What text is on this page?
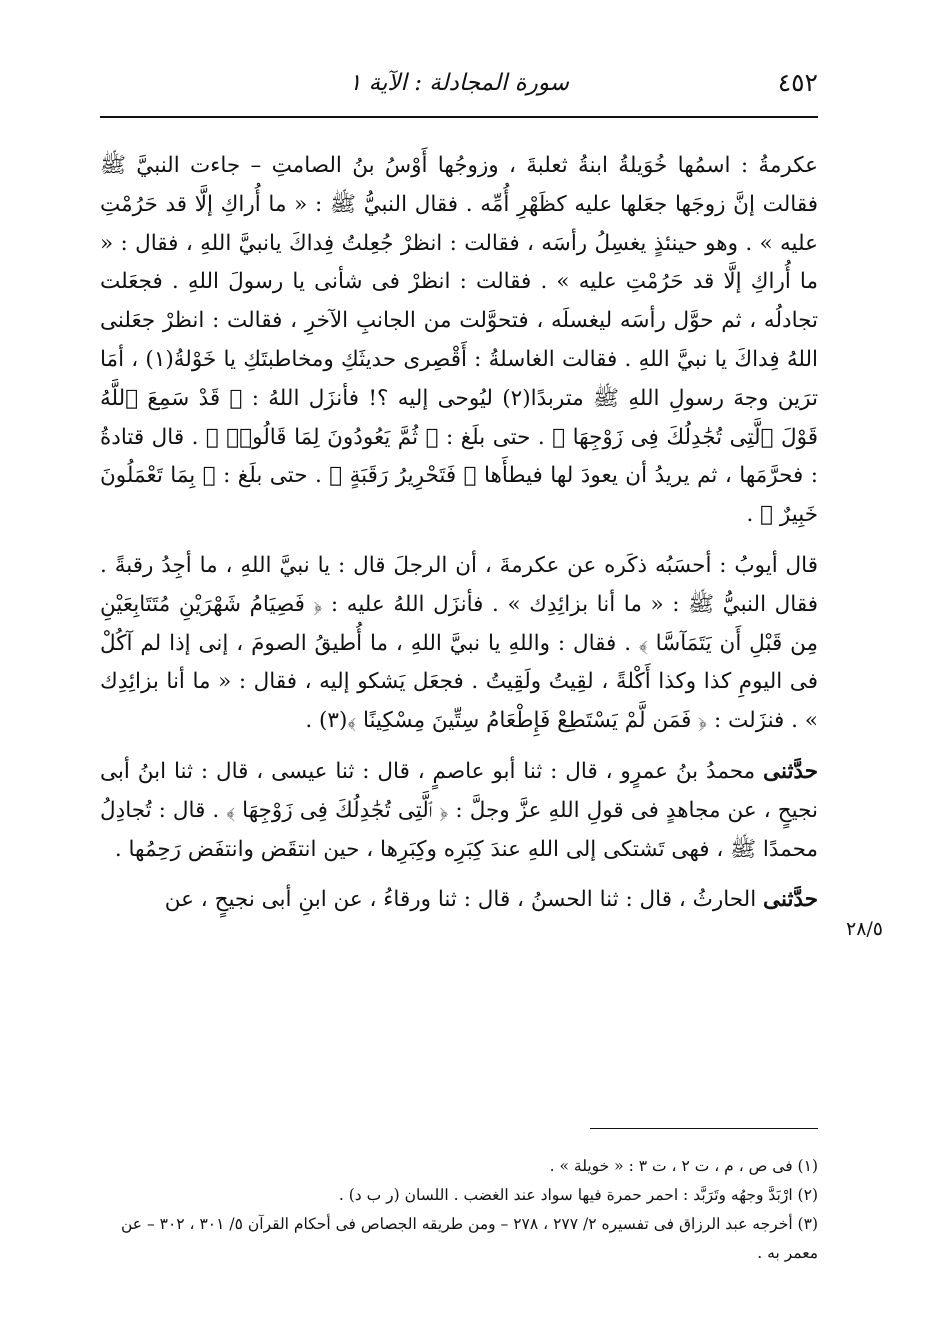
٤٥٢
سورة المجادلة : الآية ١

عكرمةُ : اسمُها خُوَيلةُ ابنةُ ثعلبةَ ، وزوجُها أَوْسُ بنُ الصامتِ – جاءت النبيَّ ﷺ فقالت إنَّ زوجَها جعَلها عليه كظَهْرِ أُمِّه . فقال النبيُّ ﷺ : « ما أُراكِ إلَّا قد حَرُمْتِ عليه » . وهو حينئذٍ يغسِلُ رأسَه ، فقالت : انظرْ جُعِلتُ فِداكَ يانبيَّ اللهِ ، فقال : « ما أُراكِ إلَّا قد حَرُمْتِ عليه » . فقالت : انظرْ فى شأنى يا رسولَ اللهِ . فجعَلت تجادلُه ، ثم حوَّل رأسَه ليغسلَه ، فتحوَّلت من الجانبِ الآخرِ ، فقالت : انظرْ جعَلنى اللهُ فِداكَ يا نبيَّ اللهِ . فقالت الغاسلةُ : أَقْصِرى حديثَكِ ومخاطبتَكِ يا خَوْلةُ(١) ، أمَا ترَين وجهَ رسولِ اللهِ ﷺ متربدًا(٢) ليُوحى إليه ؟! فأنزَل اللهُ : ﴿ قَدْ سَمِعَ ٱللَّهُ قَوْلَ ٱلَّتِى تُجَٰدِلُكَ فِى زَوْجِهَا ﴾ . حتى بلَغ : ﴿ ثُمَّ يَعُودُونَ لِمَا قَالُوا۟ ﴾ . قال قتادةُ : فحرَّمَها ، ثم يريدُ أن يعودَ لها فيطأَها ﴿ فَتَحْرِيرُ رَقَبَةٍ ﴾ . حتى بلَغ : ﴿ بِمَا تَعْمَلُونَ خَبِيرٌ ﴾ .

قال أيوبُ : أحسَبُه ذكَره عن عكرمةَ ، أن الرجلَ قال : يا نبيَّ اللهِ ، ما أجِدُ رقبةً . فقال النبيُّ ﷺ : « ما أنا بزائِدِك » . فأنزَل اللهُ عليه : ﴿ فَصِيَامُ شَهْرَيْنِ مُتَتَابِعَيْنِ مِن قَبْلِ أَن يَتَمَآسَّا ﴾ . فقال : واللهِ يا نبيَّ اللهِ ، ما أُطيقُ الصومَ ، إنى إذا لم آكُلْ فى اليومِ كذا وكذا أَكْلةً ، لقِيتُ ولَقِيتُ . فجعَل يَشكو إليه ، فقال : « ما أنا بزائِدِك » . فنزَلت : ﴿ فَمَن لَّمْ يَسْتَطِعْ فَإِطْعَامُ سِتِّينَ مِسْكِينًا ﴾(٣) .

حدَّثنى محمدُ بنُ عمرٍو ، قال : ثنا أبو عاصمٍ ، قال : ثنا عيسى ، قال : ثنا ابنُ أبى نجيحٍ ، عن مجاهدٍ فى قولِ اللهِ عزَّ وجلَّ : ﴿ ٱلَّتِى تُجَٰدِلُكَ فِى زَوْجِهَا ﴾ . قال : تُجادِلُ محمدًا ﷺ ، فهى تَشتكى إلى اللهِ عندَ كِبَرِه وكِبَرِها ، حين انتقَض وانتفَض رَحِمُها .

حدَّثنى الحارثُ ، قال : ثنا الحسنُ ، قال : ثنا ورقاءُ ، عن ابنِ أبى نجيحٍ ، عن

٢٨/٥

(١) فى ص ، م ، ت ٢ ، ت ٣ : « خويلة » .

(٢) ارْبَدَّ وجهُه وتَرَبَّد : احمر حمرة فيها سواد عند الغضب . اللسان (ر ب د) .

(٣) أخرجه عبد الرزاق فى تفسيره ٢/ ٢٧٧ ، ٢٧٨ – ومن طريقه الجصاص فى أحكام القرآن ٥/ ٣٠١ ، ٣٠٢ – عن معمر به .
